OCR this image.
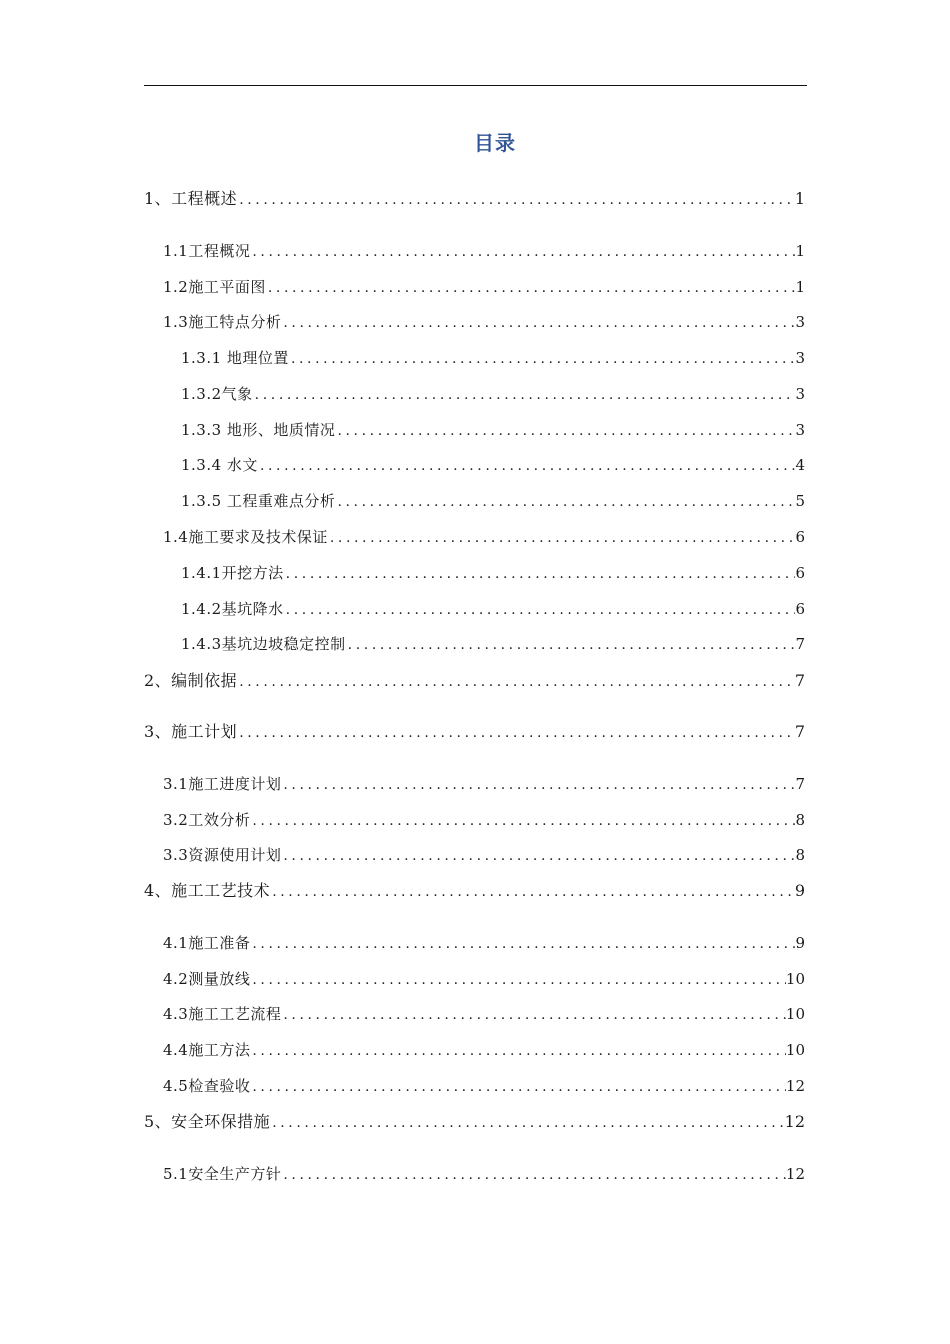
目录
1、工程概述 .....	1
1.1工程概况 .....	1
1.2施工平面图 .....	1
1.3施工特点分析 .....	3
1.3.1 地理位置 .....	3
1.3.2气象 .....	3
1.3.3 地形、地质情况 .....	3
1.3.4 水文 .....	4
1.3.5 工程重难点分析 .....	5
1.4施工要求及技术保证 .....	6
1.4.1开挖方法 .....	6
1.4.2基坑降水 .....	6
1.4.3基坑边坡稳定控制 .....	7
2、编制依据 .....	7
3、施工计划 .....	7
3.1施工进度计划 .....	7
3.2工效分析 .....	8
3.3资源使用计划 .....	8
4、施工工艺技术 .....	9
4.1施工准备 .....	9
4.2测量放线 .....	10
4.3施工工艺流程 .....	10
4.4施工方法 .....	10
4.5检查验收 .....	12
5、安全环保措施 .....	12
5.1安全生产方针 .....	12
